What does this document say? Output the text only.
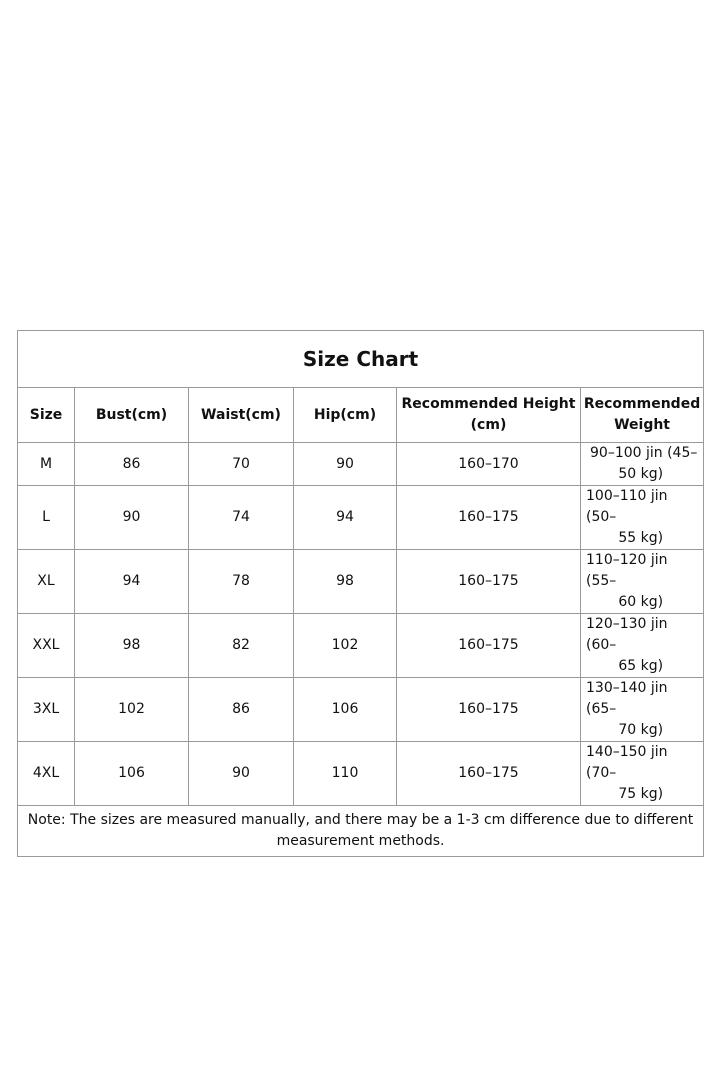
Size Chart					
Size	Bust(cm)	Waist(cm)	Hip(cm)	Recommended Height (cm)	Recommended Weight
M	86	70	90	160–170	90–100 jin (45–
50 kg)

L	90	74	94	160–175	100–110 jin (50–
55 kg)

XL	94	78	98	160–175	110–120 jin (55–
60 kg)

XXL	98	82	102	160–175	120–130 jin (60–
65 kg)

3XL	102	86	106	160–175	130–140 jin (65–
70 kg)

4XL	106	90	110	160–175	140–150 jin (70–
75 kg)

Note: The sizes are measured manually, and there may be a 1-3 cm difference due to different measurement methods.					
